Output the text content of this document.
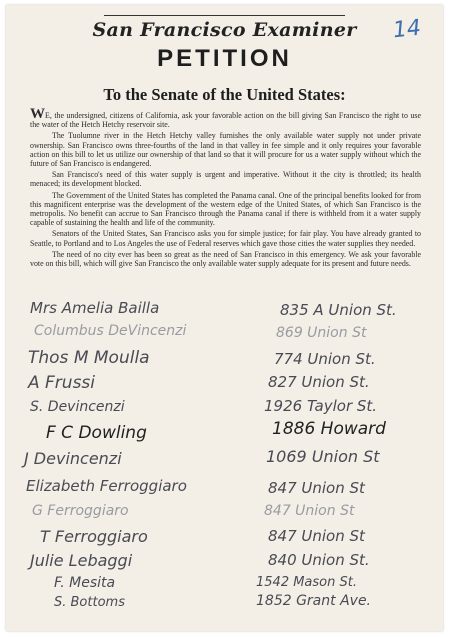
San Francisco Examiner	14
PETITION
To the Senate of the United States:

WE, the undersigned, citizens of California, ask your favorable action on the bill giving San Francisco the right to use the water of the Hetch Hetchy reservoir site.

The Tuolumne river in the Hetch Hetchy valley furnishes the only available water supply not under private ownership. San Francisco owns three-fourths of the land in that valley in fee simple and it only requires your favorable action on this bill to let us utilize our ownership of that land so that it will procure for us a water supply without which the future of San Francisco is endangered.

San Francisco's need of this water supply is urgent and imperative. Without it the city is throttled; its health menaced; its development blocked.

The Government of the United States has completed the Panama canal. One of the principal benefits looked for from this magnificent enterprise was the development of the western edge of the United States, of which San Francisco is the metropolis. No benefit can accrue to San Francisco through the Panama canal if there is withheld from it a water supply capable of sustaining the health and life of the community.

Senators of the United States, San Francisco asks you for simple justice; for fair play. You have already granted to Seattle, to Portland and to Los Angeles the use of Federal reserves which gave those cities the water supplies they needed.

The need of no city ever has been so great as the need of San Francisco in this emergency. We ask your favorable vote on this bill, which will give San Francisco the only available water supply adequate for its present and future needs.

Mrs Amelia Bailla	835 A Union St.
Columbus DeVincenzi	869 Union St
Thos M Moulla	774 Union St.
A Frussi	827 Union St.
S. Devincenzi	1926 Taylor St.
F C Dowling	1886 Howard
J Devincenzi	1069 Union St
Elizabeth Ferroggiaro	847 Union St
G Ferroggiaro	847 Union St
T Ferroggiaro	847 Union St
Julie Lebaggi	840 Union St.
F. Mesita	1542 Mason St.
S. Bottoms	1852 Grant Ave.
